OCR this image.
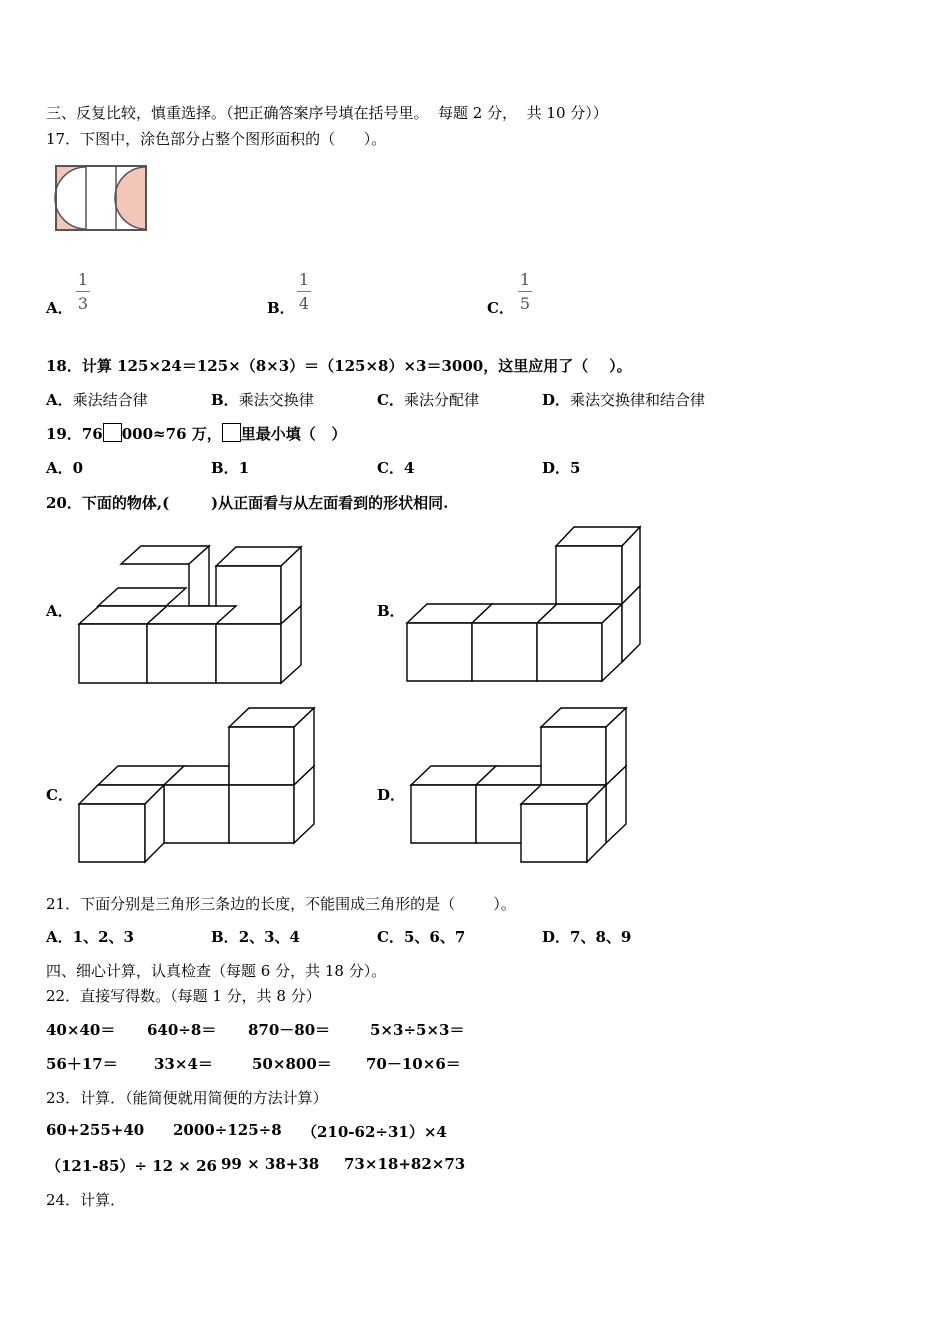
三、反复比较，慎重选择。（把正确答案序号填在括号里。  每题 2 分，  共 10 分））
17．下图中，涂色部分占整个图形面积的（      ）。
A．
1
3	B．
1
4	C．
1
5
18．计算 125×24＝125×（8×3）＝（125×8）×3＝3000，这里应用了（    ）。
A．乘法结合律	B．乘法交换律	C．乘法分配律	D．乘法交换律和结合律
19．76 000≈76 万， 里最小填（   ）
A．0	B．1	C．4	D．5
20．下面的物体,(        )从正面看与从左面看到的形状相同.
A．	B．
C．	D．
21．下面分别是三角形三条边的长度，不能围成三角形的是（        ）。
A．1、2、3	B．2、3、4	C．5、6、7	D．7、8、9
四、细心计算，认真检查（每题 6 分，共 18 分）。
22．直接写得数。（每题 1 分，共 8 分）
40×40＝ 640÷8＝ 870－80＝	5×3÷5×3＝
56＋17＝ 33×4＝	50×800＝ 70－10×6＝
23．计算．（能简便就用简便的方法计算）
60+255+40 2000÷125÷8 （210-62÷31）×4
（121-85）÷ 12 × 26 99 × 38+38 73×18+82×73
24．计算．
